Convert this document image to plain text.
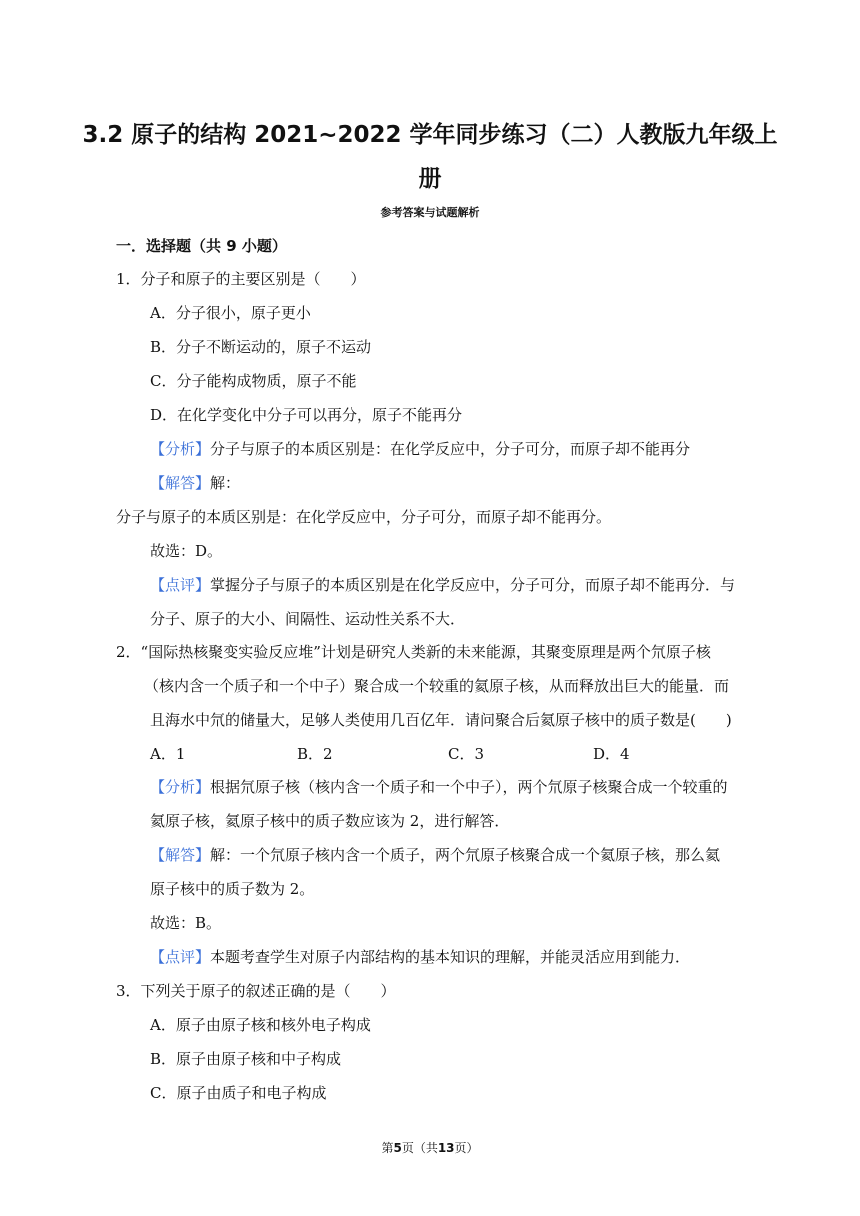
3.2 原子的结构 2021~2022 学年同步练习（二）人教版九年级上
册
参考答案与试题解析
一．选择题（共 9 小题）
1．分子和原子的主要区别是（　　）
A．分子很小，原子更小
B．分子不断运动的，原子不运动
C．分子能构成物质，原子不能
D．在化学变化中分子可以再分，原子不能再分
【分析】分子与原子的本质区别是：在化学反应中，分子可分，而原子却不能再分
【解答】解：
分子与原子的本质区别是：在化学反应中，分子可分，而原子却不能再分。
故选：D。
【点评】掌握分子与原子的本质区别是在化学反应中，分子可分，而原子却不能再分．与
分子、原子的大小、间隔性、运动性关系不大．
2．“国际热核聚变实验反应堆”计划是研究人类新的未来能源，其聚变原理是两个氘原子核
（核内含一个质子和一个中子）聚合成一个较重的氦原子核，从而释放出巨大的能量．而
且海水中氘的储量大，足够人类使用几百亿年．请问聚合后氦原子核中的质子数是(　　)
A．1	B．2	C．3	D．4
【分析】根据氘原子核（核内含一个质子和一个中子），两个氘原子核聚合成一个较重的
氦原子核，氦原子核中的质子数应该为 2，进行解答．
【解答】解：一个氘原子核内含一个质子，两个氘原子核聚合成一个氦原子核，那么氦
原子核中的质子数为 2。
故选：B。
【点评】本题考查学生对原子内部结构的基本知识的理解，并能灵活应用到能力．
3．下列关于原子的叙述正确的是（　　）
A．原子由原子核和核外电子构成
B．原子由原子核和中子构成
C．原子由质子和电子构成
第5页（共13页）
